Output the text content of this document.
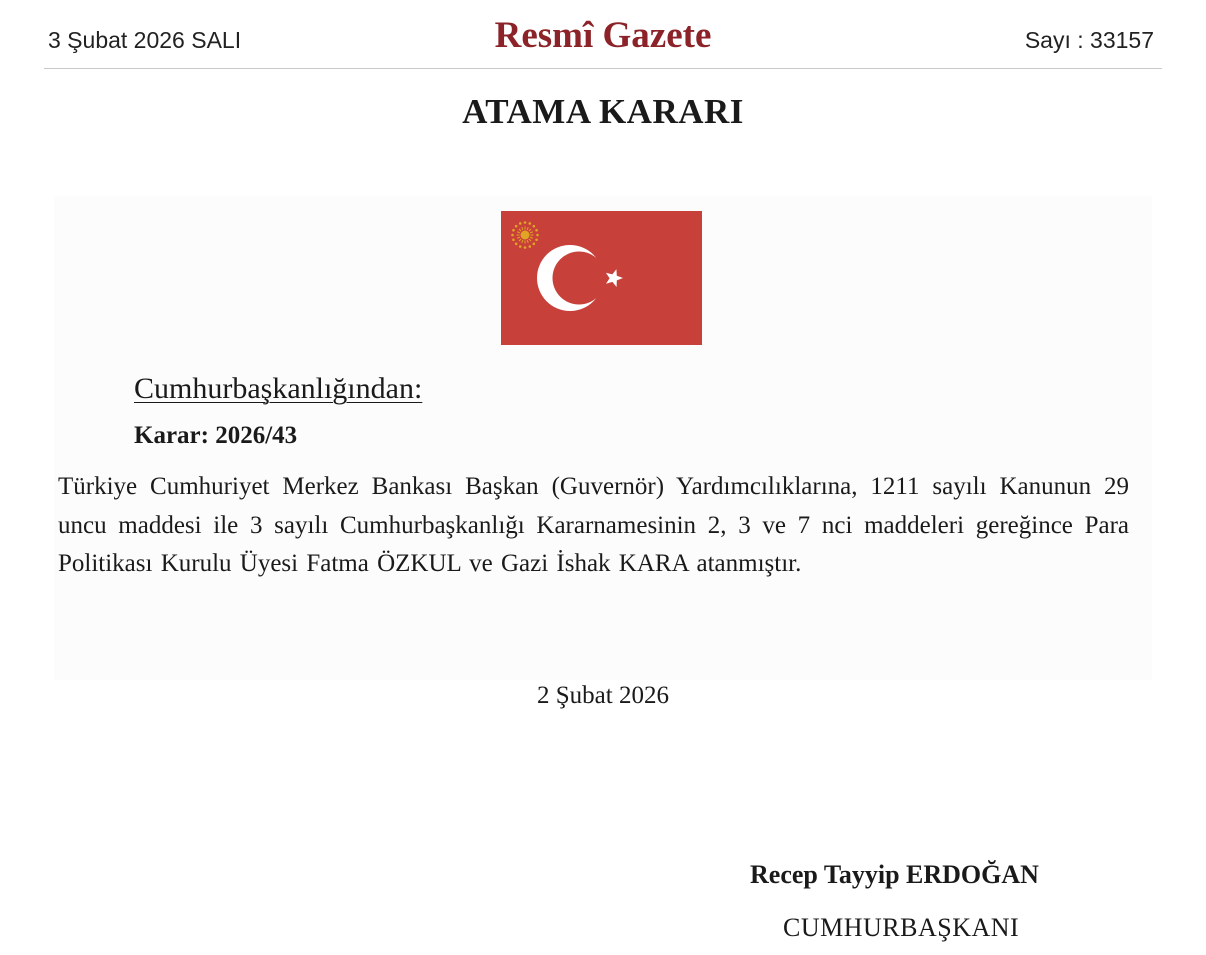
3 Şubat 2026 SALI	Resmî Gazete	Sayı : 33157
ATAMA KARARI
Cumhurbaşkanlığından:
Karar: 2026/43
Türkiye Cumhuriyet Merkez Bankası Başkan (Guvernör) Yardımcılıklarına, 1211 sayılı Kanunun 29 uncu maddesi ile 3 sayılı Cumhurbaşkanlığı Kararnamesinin 2, 3 ve 7 nci maddeleri gereğince Para Politikası Kurulu Üyesi Fatma ÖZKUL ve Gazi İshak KARA atanmıştır.
2 Şubat 2026
Recep Tayyip ERDOĞAN
CUMHURBAŞKANI
